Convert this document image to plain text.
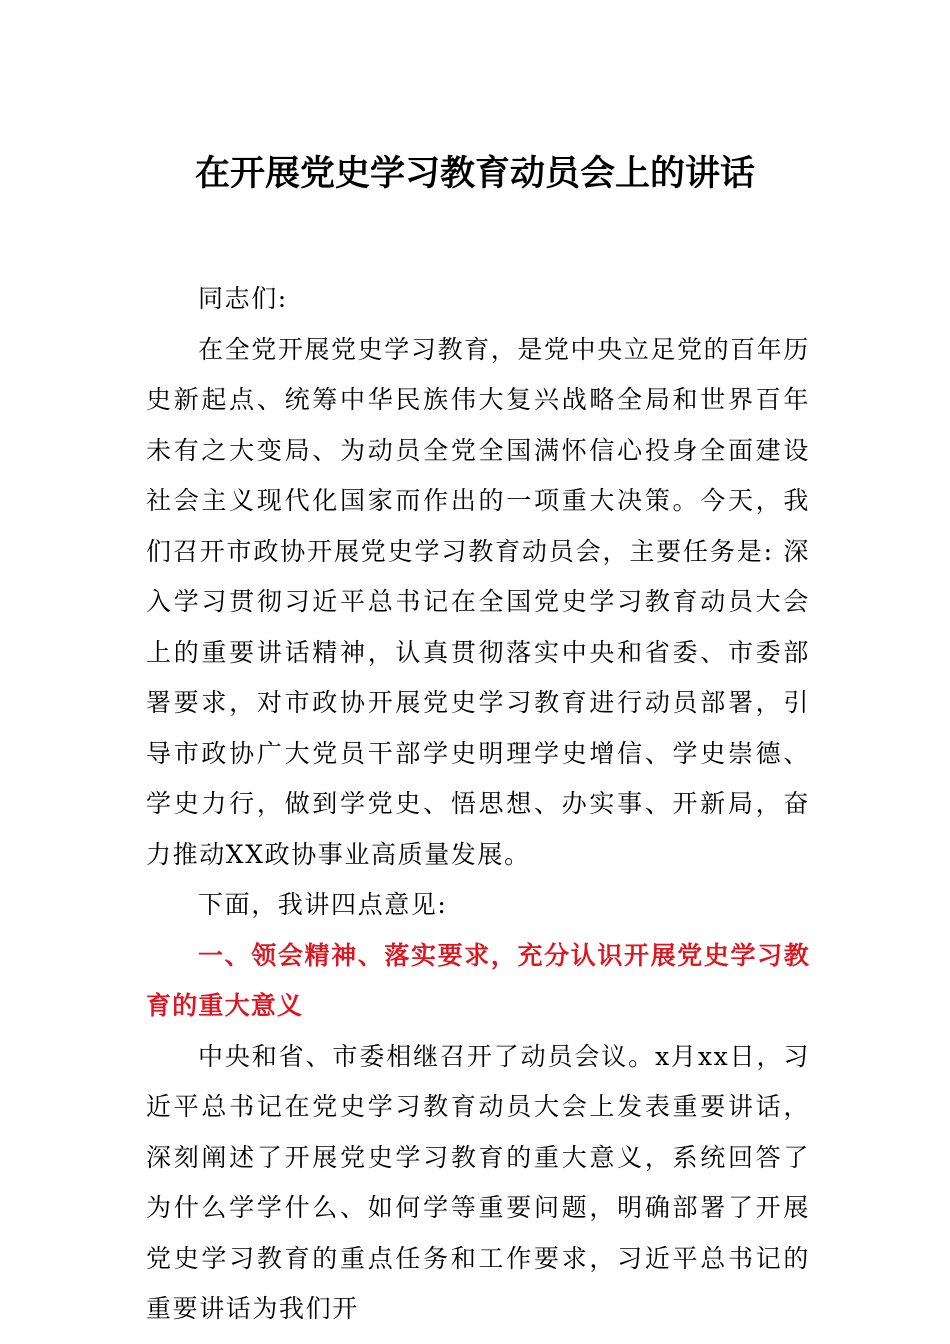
在开展党史学习教育动员会上的讲话

同志们:

在全党开展党史学习教育，是党中央立足党的百年历史新起点、统筹中华民族伟大复兴战略全局和世界百年未有之大变局、为动员全党全国满怀信心投身全面建设社会主义现代化国家而作出的一项重大决策。今天，我们召开市政协开展党史学习教育动员会，主要任务是: 深入学习贯彻习近平总书记在全国党史学习教育动员大会上的重要讲话精神，认真贯彻落实中央和省委、市委部署要求，对市政协开展党史学习教育进行动员部署，引导市政协广大党员干部学史明理学史增信、学史崇德、学史力行，做到学党史、悟思想、办实事、开新局，奋力推动XX政协事业高质量发展。

下面，我讲四点意见:

一、领会精神、落实要求，充分认识开展党史学习教育的重大意义

中央和省、市委相继召开了动员会议。x月xx日，习近平总书记在党史学习教育动员大会上发表重要讲话，深刻阐述了开展党史学习教育的重大意义，系统回答了为什么学学什么、如何学等重要问题，明确部署了开展党史学习教育的重点任务和工作要求，习近平总书记的重要讲话为我们开
